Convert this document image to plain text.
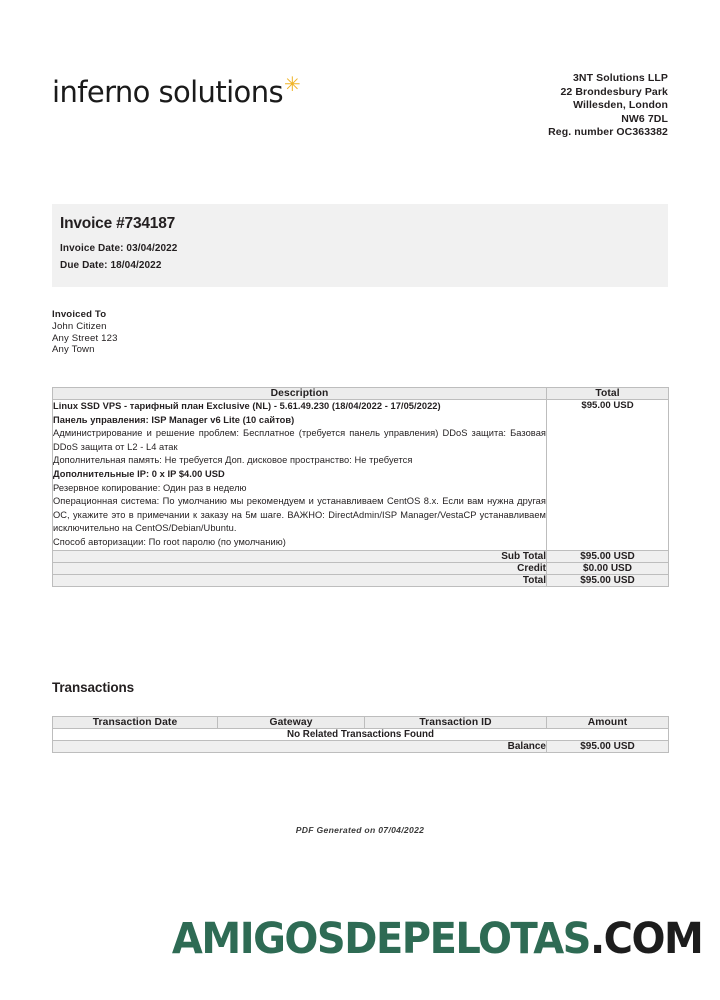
inferno solutions✳	3NT Solutions LLP
22 Brondesbury Park
Willesden, London
NW6 7DL
Reg. number OC363382
Invoice #734187
Invoice Date: 03/04/2022
Due Date: 18/04/2022
Invoiced To
John Citizen
Any Street 123
Any Town
Description	Total

Linux SSD VPS - тарифный план Exclusive (NL) - 5.61.49.230 (18/04/2022 - 17/05/2022)
Панель управления: ISP Manager v6 Lite (10 сайтов)
Администрирование и решение проблем: Бесплатное (требуется панель управления) DDoS защита: Базовая DDoS защита от L2 - L4 атак
Дополнительная память: Не требуется Доп. дисковое пространство: Не требуется
Дополнительные IP: 0 x IP $4.00 USD
Резервное копирование: Один раз в неделю
Операционная система: По умолчанию мы рекомендуем и устанавливаем CentOS 8.x. Если вам нужна другая ОС, укажите это в примечании к заказу на 5м шаге. ВАЖНО: DirectAdmin/ISP Manager/VestaCP устанавливаем исключительно на CentOS/Debian/Ubuntu.
Способ авторизации: По root паролю (по умолчанию)
	$95.00 USD
Sub Total	$95.00 USD
Credit	$0.00 USD
Total	$95.00 USD
Transactions
Transaction Date	Gateway	Transaction ID	Amount
No Related Transactions Found			
Balance			$95.00 USD
PDF Generated on 07/04/2022
AMIGOSDEPELOTAS.COM
